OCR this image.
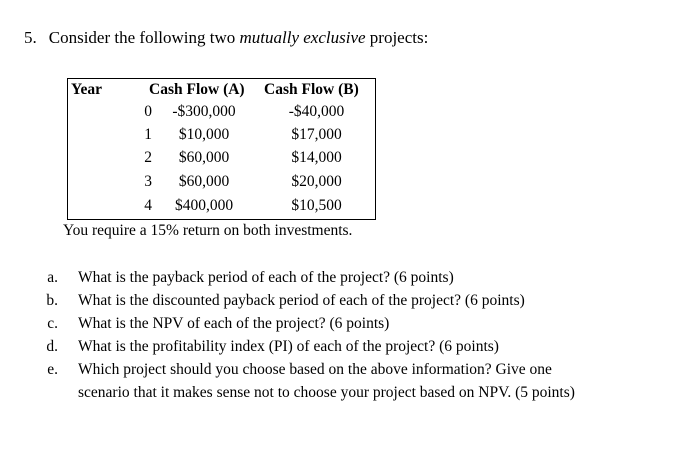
5. Consider the following two mutually exclusive projects:
Year	Cash Flow (A) Cash Flow (B)
0	-$300,000	-$40,000
1	$10,000	$17,000
2	$60,000	$14,000
3	$60,000	$20,000
4	$400,000	$10,500
You require a 15% return on both investments.
a. What is the payback period of each of the project? (6 points)
b. What is the discounted payback period of each of the project? (6 points)
c. What is the NPV of each of the project? (6 points)
d. What is the profitability index (PI) of each of the project? (6 points)
e. Which project should you choose based on the above information? Give one
scenario that it makes sense not to choose your project based on NPV. (5 points)
